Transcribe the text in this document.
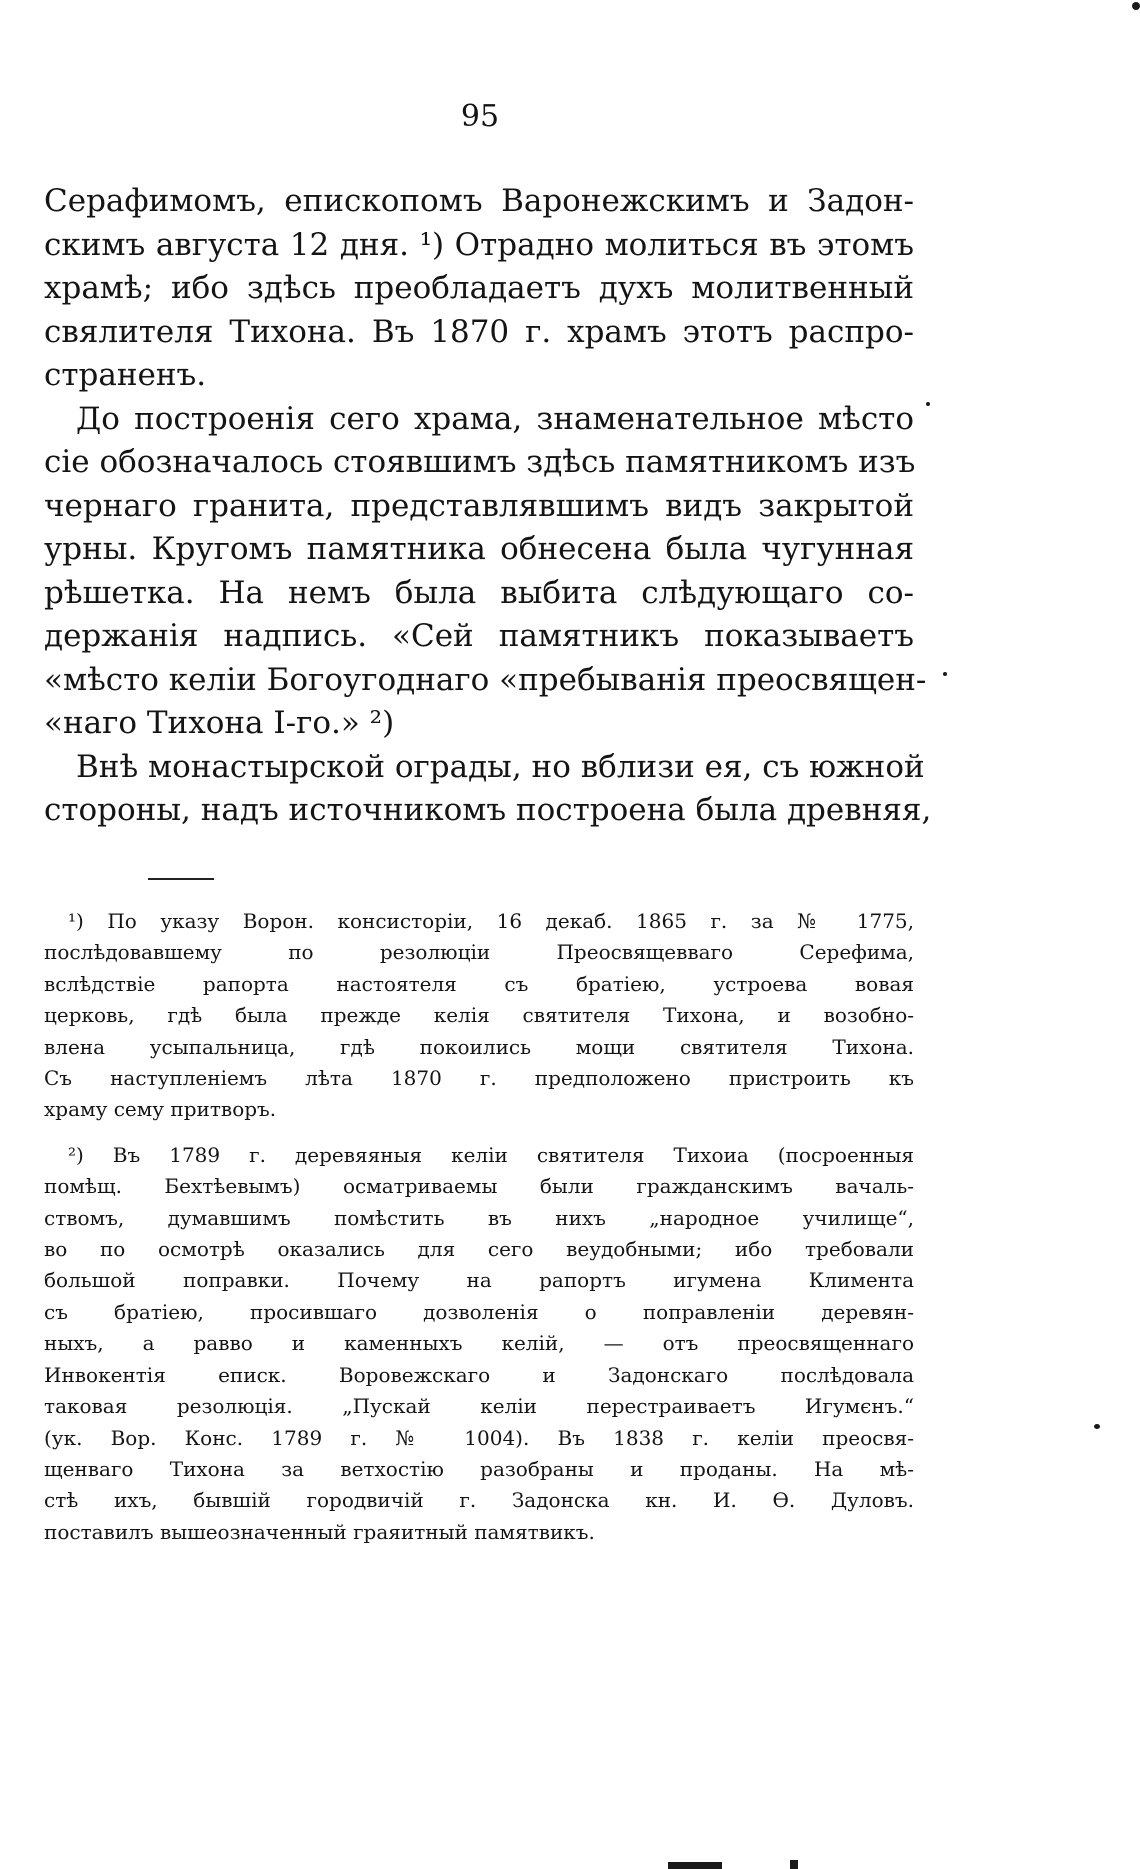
95
Серафимомъ, епископомъ Варонежскимъ и Задон-
скимъ августа 12 дня. ¹) Отрадно молиться въ этомъ
храмѣ; ибо здѣсь преобладаетъ духъ молитвенный
свялителя Тихона. Въ 1870 г. храмъ этотъ распро-
страненъ.
До построенія сего храма, знаменательное мѣсто
сіе обозначалось стоявшимъ здѣсь памятникомъ изъ
чернаго гранита, представлявшимъ видъ закрытой
урны. Кругомъ памятника обнесена была чугунная
рѣшетка. На немъ была выбита слѣдующаго со-
держанія надпись. «Сей памятникъ показываетъ
«мѣсто келіи Богоугоднаго «пребыванія преосвящен-
«наго Тихона I-го.» ²)
Внѣ монастырской ограды, но вблизи ея, съ южной
стороны, надъ источникомъ построена была древняя,
¹) По указу Ворон. консисторіи, 16 декаб. 1865 г. за № 1775,
послѣдовавшему по резолюціи Преосвящевваго Серефима,
вслѣдствіе рапорта настоятеля съ братіею, устроева вовая
церковь, гдѣ была прежде келія святителя Тихона, и возобно-
влена усыпальница, гдѣ покоились мощи святителя Тихона.
Съ наступленіемъ лѣта 1870 г. предположено пристроить къ
храму сему притворъ.
²) Въ 1789 г. деревяяныя келіи святителя Тихоиа (посроенныя
помѣщ. Бехтѣевымъ) осматриваемы были гражданскимъ вачаль-
ствомъ, думавшимъ помѣстить въ нихъ „народное училище“,
во по осмотрѣ оказались для сего веудобными; ибо требовали
большой поправки. Почему на рапортъ игумена Климента
съ братіею, просившаго дозволенія о поправленіи деревян-
ныхъ, а равво и каменныхъ келій, — отъ преосвященнаго
Инвокентія еписк. Воровежскаго и Задонскаго послѣдовала
таковая резолюція. „Пускай келіи перестраиваетъ Игумєнъ.“
(ук. Вор. Конс. 1789 г. № 1004). Въ 1838 г. келіи преосвя-
щенваго Тихона за ветхостію разобраны и проданы. На мѣ-
стѣ ихъ, бывшій городвичій г. Задонска кн. И. Ѳ. Дуловъ.
поставилъ вышеозначенный граяитный памятвикъ.
